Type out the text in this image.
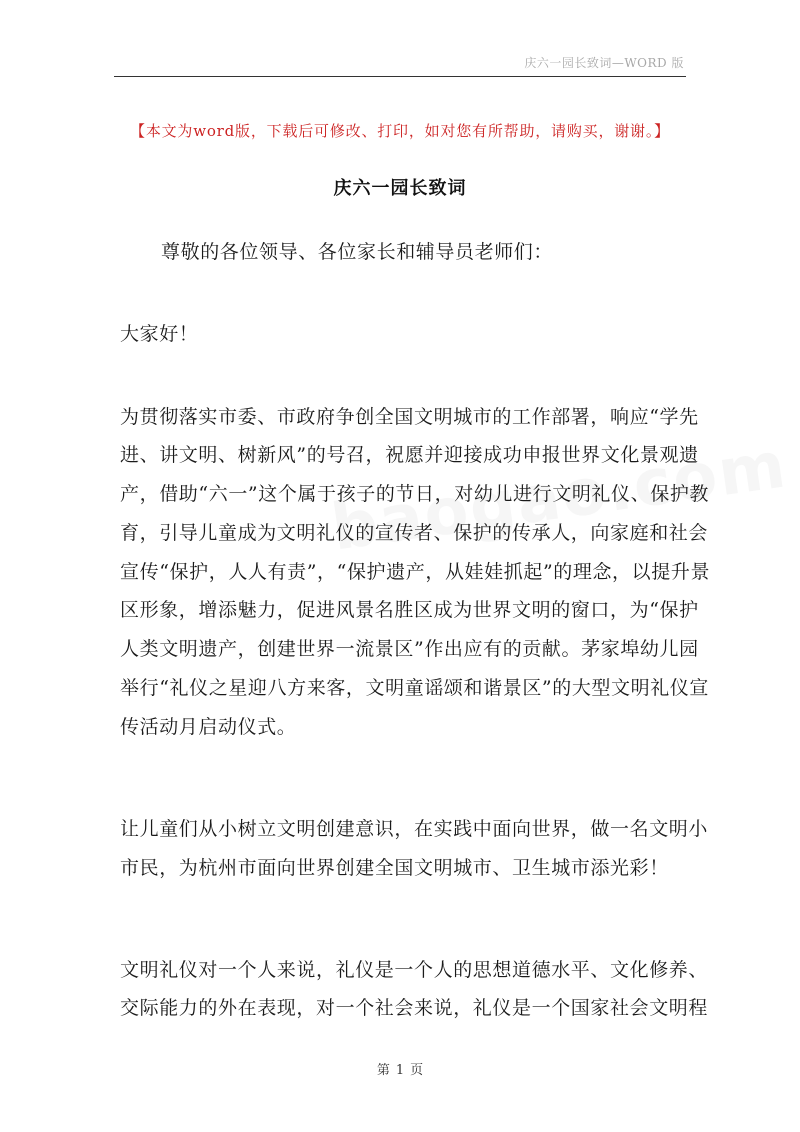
庆六一园长致词—WORD 版
【本文为word版，下载后可修改、打印，如对您有所帮助，请购买，谢谢。】
庆六一园长致词
尊敬的各位领导、各位家长和辅导员老师们：
大家好！
为贯彻落实市委、市政府争创全国文明城市的工作部署，响应“学先
进、讲文明、树新风”的号召，祝愿并迎接成功申报世界文化景观遗
产，借助“六一”这个属于孩子的节日，对幼儿进行文明礼仪、保护教
育，引导儿童成为文明礼仪的宣传者、保护的传承人，向家庭和社会
宣传“保护，人人有责”，“保护遗产，从娃娃抓起”的理念，以提升景
区形象，增添魅力，促进风景名胜区成为世界文明的窗口，为“保护
人类文明遗产，创建世界一流景区”作出应有的贡献。茅家埠幼儿园
举行“礼仪之星迎八方来客，文明童谣颂和谐景区”的大型文明礼仪宣
传活动月启动仪式。
让儿童们从小树立文明创建意识，在实践中面向世界，做一名文明小
市民，为杭州市面向世界创建全国文明城市、卫生城市添光彩！
文明礼仪对一个人来说，礼仪是一个人的思想道德水平、文化修养、
交际能力的外在表现，对一个社会来说，礼仪是一个国家社会文明程
第 1 页
